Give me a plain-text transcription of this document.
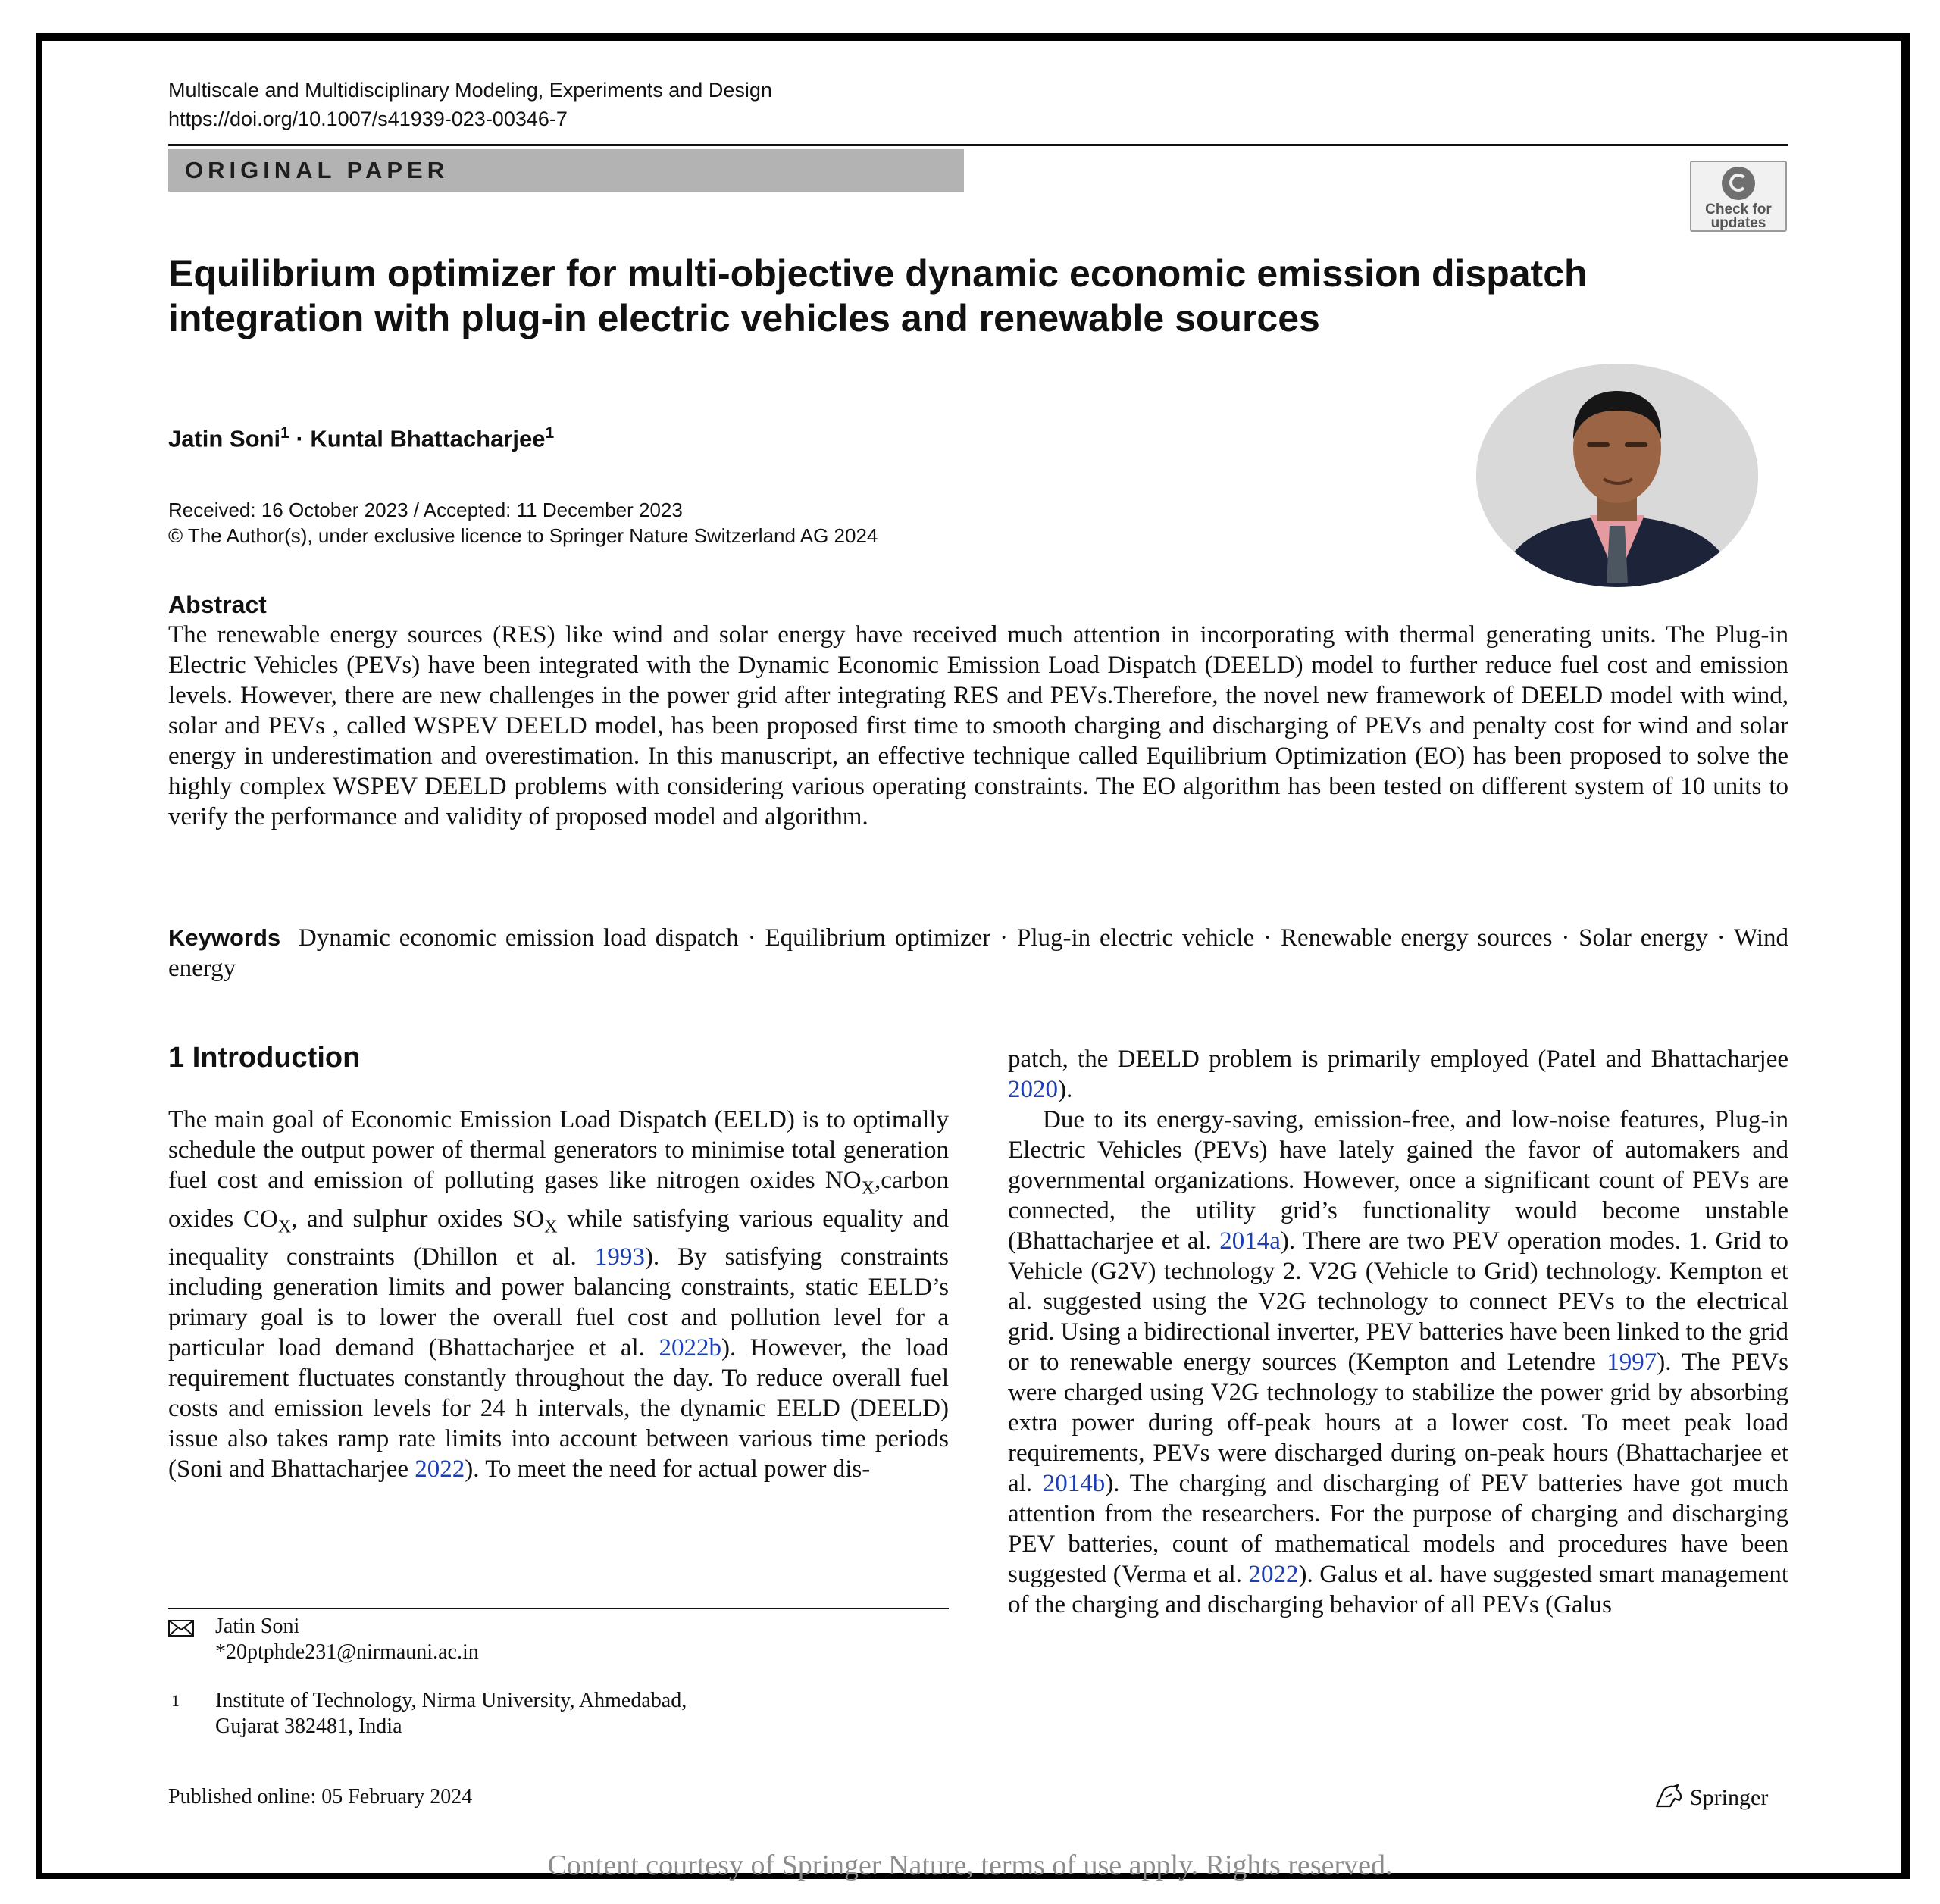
Multiscale and Multidisciplinary Modeling, Experiments and Design
https://doi.org/10.1007/s41939-023-00346-7
ORIGINAL PAPER
Check for
updates
Equilibrium optimizer for multi-objective dynamic economic emission dispatch integration with plug-in electric vehicles and renewable sources
Jatin Soni$^1$ · Kuntal Bhattacharjee$^1$
Received: 16 October 2023 / Accepted: 11 December 2023
© The Author(s), under exclusive licence to Springer Nature Switzerland AG 2024
Abstract
The renewable energy sources (RES) like wind and solar energy have received much attention in incorporating with thermal generating units. The Plug-in Electric Vehicles (PEVs) have been integrated with the Dynamic Economic Emission Load Dispatch (DEELD) model to further reduce fuel cost and emission levels. However, there are new challenges in the power grid after integrating RES and PEVs.Therefore, the novel new framework of DEELD model with wind, solar and PEVs , called WSPEV DEELD model, has been proposed first time to smooth charging and discharging of PEVs and penalty cost for wind and solar energy in underestimation and overestimation. In this manuscript, an effective technique called Equilibrium Optimization (EO) has been proposed to solve the highly complex WSPEV DEELD problems with considering various operating constraints. The EO algorithm has been tested on different system of 10 units to verify the performance and validity of proposed model and algorithm.
Keywords Dynamic economic emission load dispatch · Equilibrium optimizer · Plug-in electric vehicle · Renewable energy sources · Solar energy · Wind energy
1 Introduction

The main goal of Economic Emission Load Dispatch (EELD) is to optimally schedule the output power of thermal generators to minimise total generation fuel cost and emission of polluting gases like nitrogen oxides $NO_X,carbon$ oxides $CO_X$, and sulphur oxides $SO_X$ while satisfying various equality and inequality constraints (Dhillon et al. 1993). By satisfying constraints including generation limits and power balancing constraints, static EELD’s primary goal is to lower the overall fuel cost and pollution level for a particular load demand (Bhattacharjee et al. 2022b). However, the load requirement fluctuates constantly throughout the day. To reduce overall fuel costs and emission levels for 24 h intervals, the dynamic EELD (DEELD) issue also takes ramp rate limits into account between various time periods (Soni and Bhattacharjee 2022). To meet the need for actual power dis-

patch, the DEELD problem is primarily employed (Patel and Bhattacharjee 2020).

Due to its energy-saving, emission-free, and low-noise features, Plug-in Electric Vehicles (PEVs) have lately gained the favor of automakers and governmental organizations. However, once a significant count of PEVs are connected, the utility grid’s functionality would become unstable (Bhattacharjee et al. 2014a). There are two PEV operation modes. 1. Grid to Vehicle (G2V) technology 2. V2G (Vehicle to Grid) technology. Kempton et al. suggested using the V2G technology to connect PEVs to the electrical grid. Using a bidirectional inverter, PEV batteries have been linked to the grid or to renewable energy sources (Kempton and Letendre 1997). The PEVs were charged using V2G technology to stabilize the power grid by absorbing extra power during off-peak hours at a lower cost. To meet peak load requirements, PEVs were discharged during on-peak hours (Bhattacharjee et al. 2014b). The charging and discharging of PEV batteries have got much attention from the researchers. For the purpose of charging and discharging PEV batteries, count of mathematical models and procedures have been suggested (Verma et al. 2022). Galus et al. have suggested smart management of the charging and discharging behavior of all PEVs (Galus

Jatin Soni
*20ptphde231@nirmauni.ac.in
1 Institute of Technology, Nirma University, Ahmedabad,
Gujarat 382481, India
Published online: 05 February 2024	Springer
Content courtesy of Springer Nature, terms of use apply. Rights reserved.
